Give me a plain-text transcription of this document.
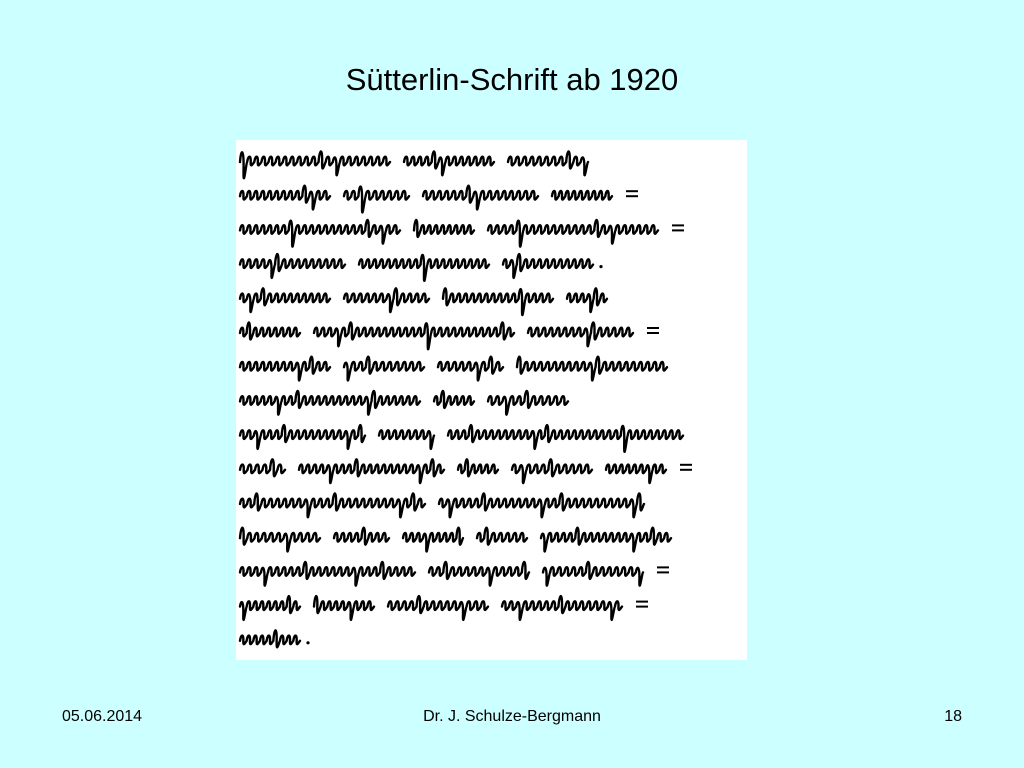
Sütterlin-Schrift ab 1920
05.06.2014	Dr. J. Schulze-Bergmann	18
